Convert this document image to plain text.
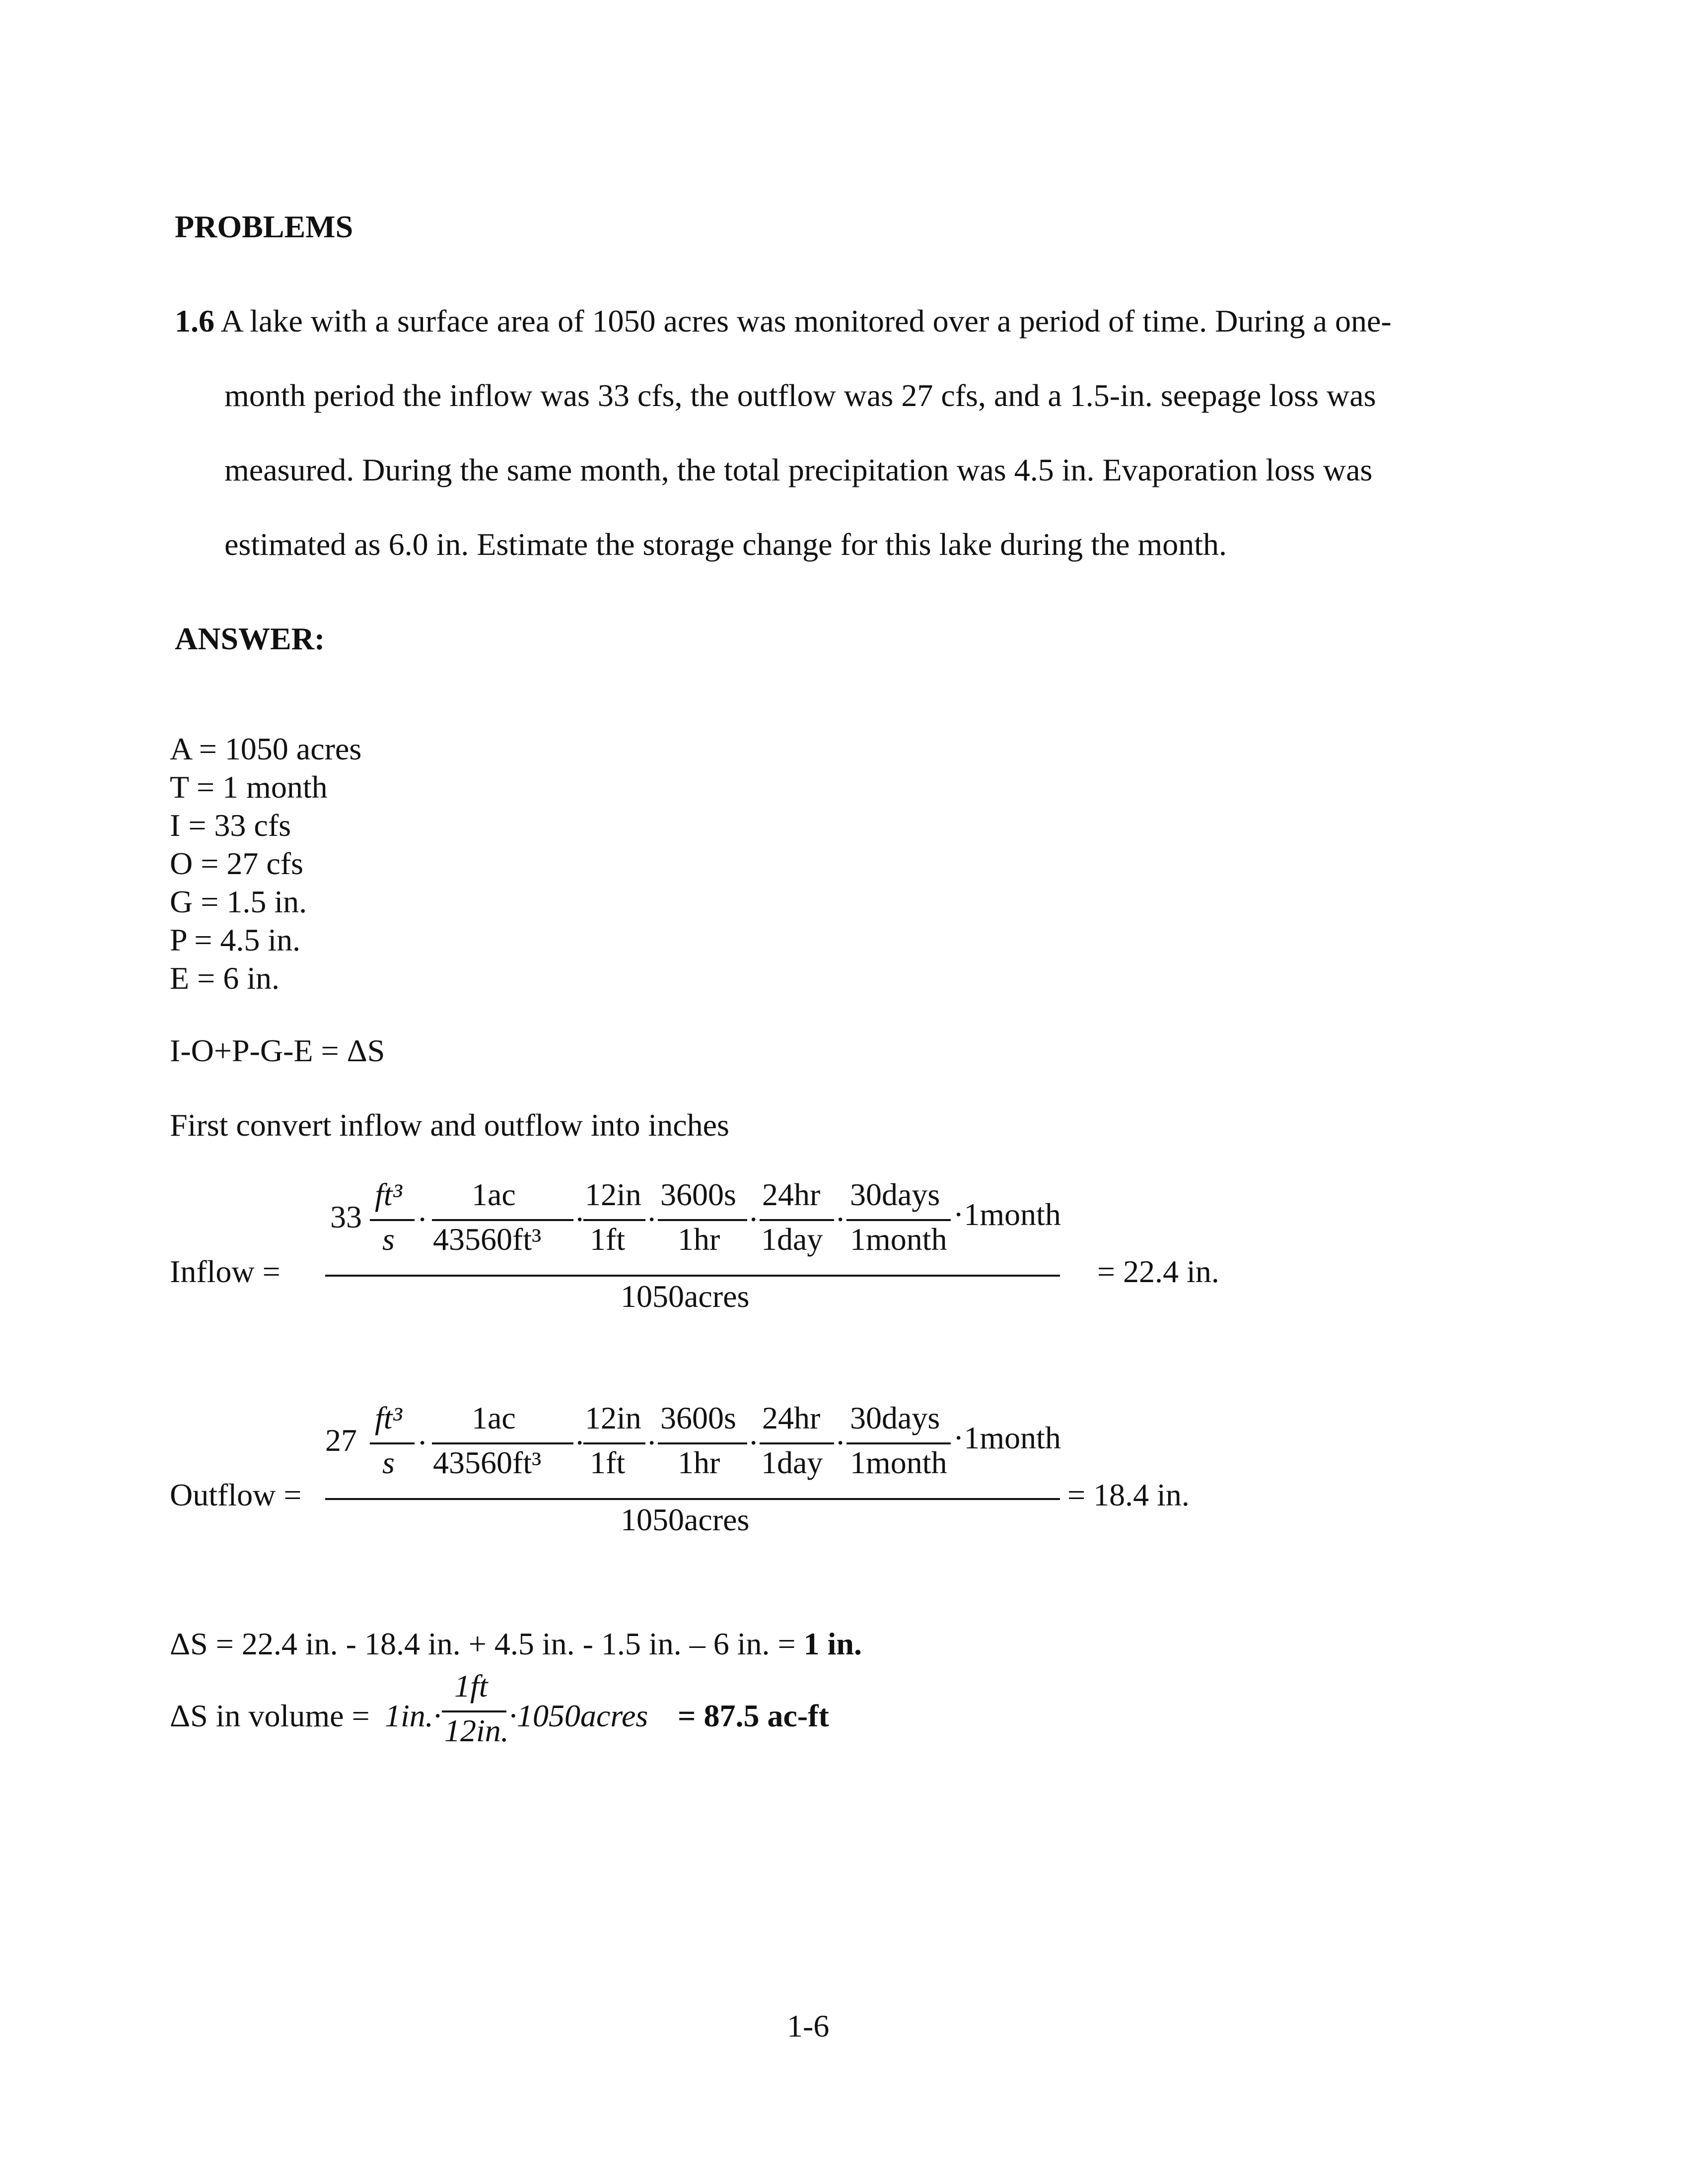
PROBLEMS
1.6 A lake with a surface area of 1050 acres was monitored over a period of time. During a one-
month period the inflow was 33 cfs, the outflow was 27 cfs, and a 1.5-in. seepage loss was
measured. During the same month, the total precipitation was 4.5 in. Evaporation loss was
estimated as 6.0 in. Estimate the storage change for this lake during the month.
ANSWER:
A = 1050 acres
T = 1 month
I = 33 cfs
O = 27 cfs
G = 1.5 in.
P = 4.5 in.
E = 6 in.
I-O+P-G-E = ΔS
First convert inflow and outflow into inches
Inflow =
33
ft³
s
·
1ac
43560ft³
·
12in
1ft
·
3600s
1hr
·
24hr
1day
·
30days
1month
·1month
1050acres
= 22.4 in.
Outflow =
27
ft³
s
·
1ac
43560ft³
·
12in
1ft
·
3600s
1hr
·
24hr
1day
·
30days
1month
·1month
1050acres
= 18.4 in.
ΔS = 22.4 in. - 18.4 in. + 4.5 in. - 1.5 in. – 6 in. = 1 in.
ΔS in volume = 1in.·
1ft
12in. ·1050acres = 87.5 ac-ft
1-6
